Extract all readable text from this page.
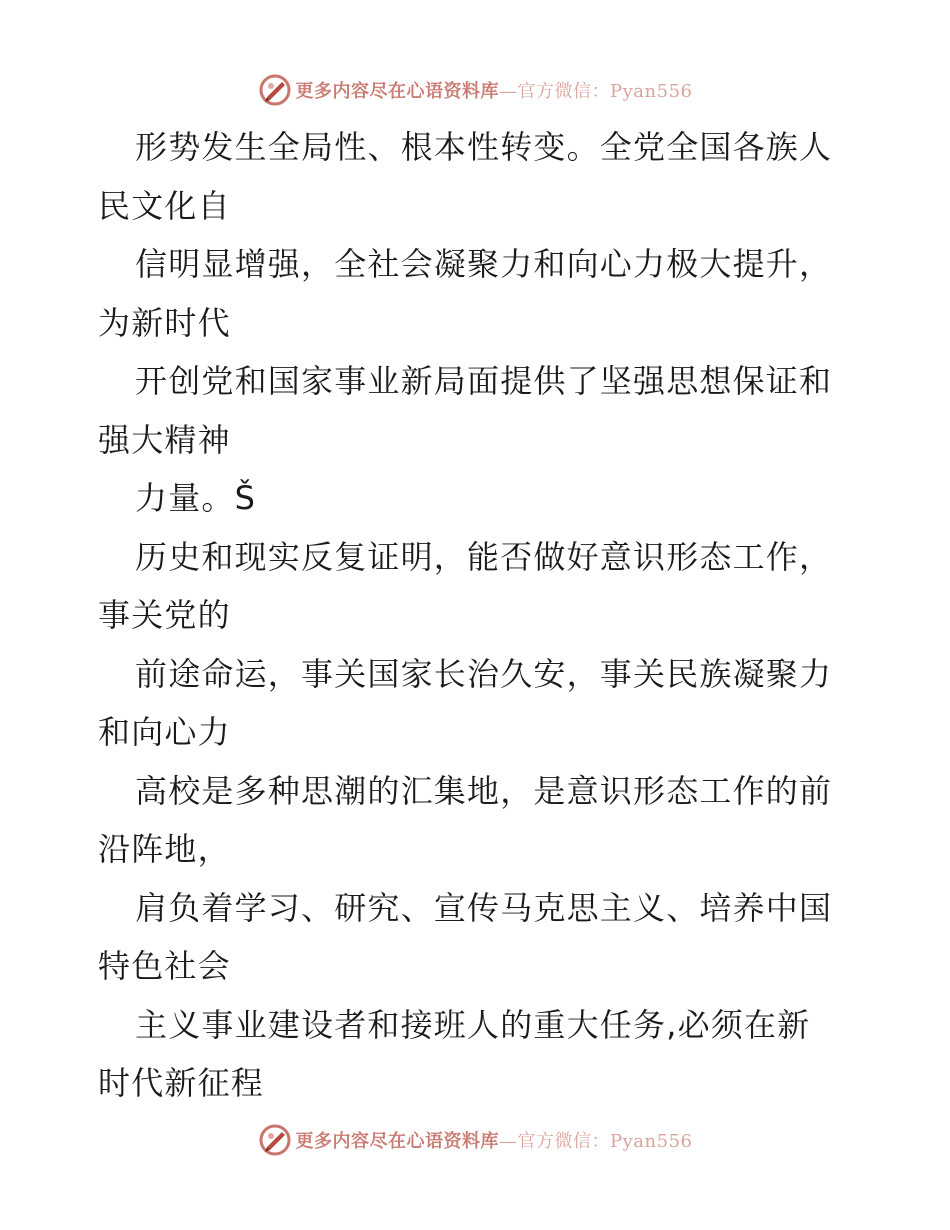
更多内容尽在心语资料库—官方微信：Pyan556
形势发生全局性、根本性转变。全党全国各族人
民文化自
信明显增强，全社会凝聚力和向心力极大提升，
为新时代
开创党和国家事业新局面提供了坚强思想保证和
强大精神
力量。Š
历史和现实反复证明，能否做好意识形态工作，
事关党的
前途命运，事关国家长治久安，事关民族凝聚力
和向心力
高校是多种思潮的汇集地，是意识形态工作的前
沿阵地，
肩负着学习、研究、宣传马克思主义、培养中国
特色社会
主义事业建设者和接班人的重大任务,必须在新
时代新征程
更多内容尽在心语资料库—官方微信：Pyan556
